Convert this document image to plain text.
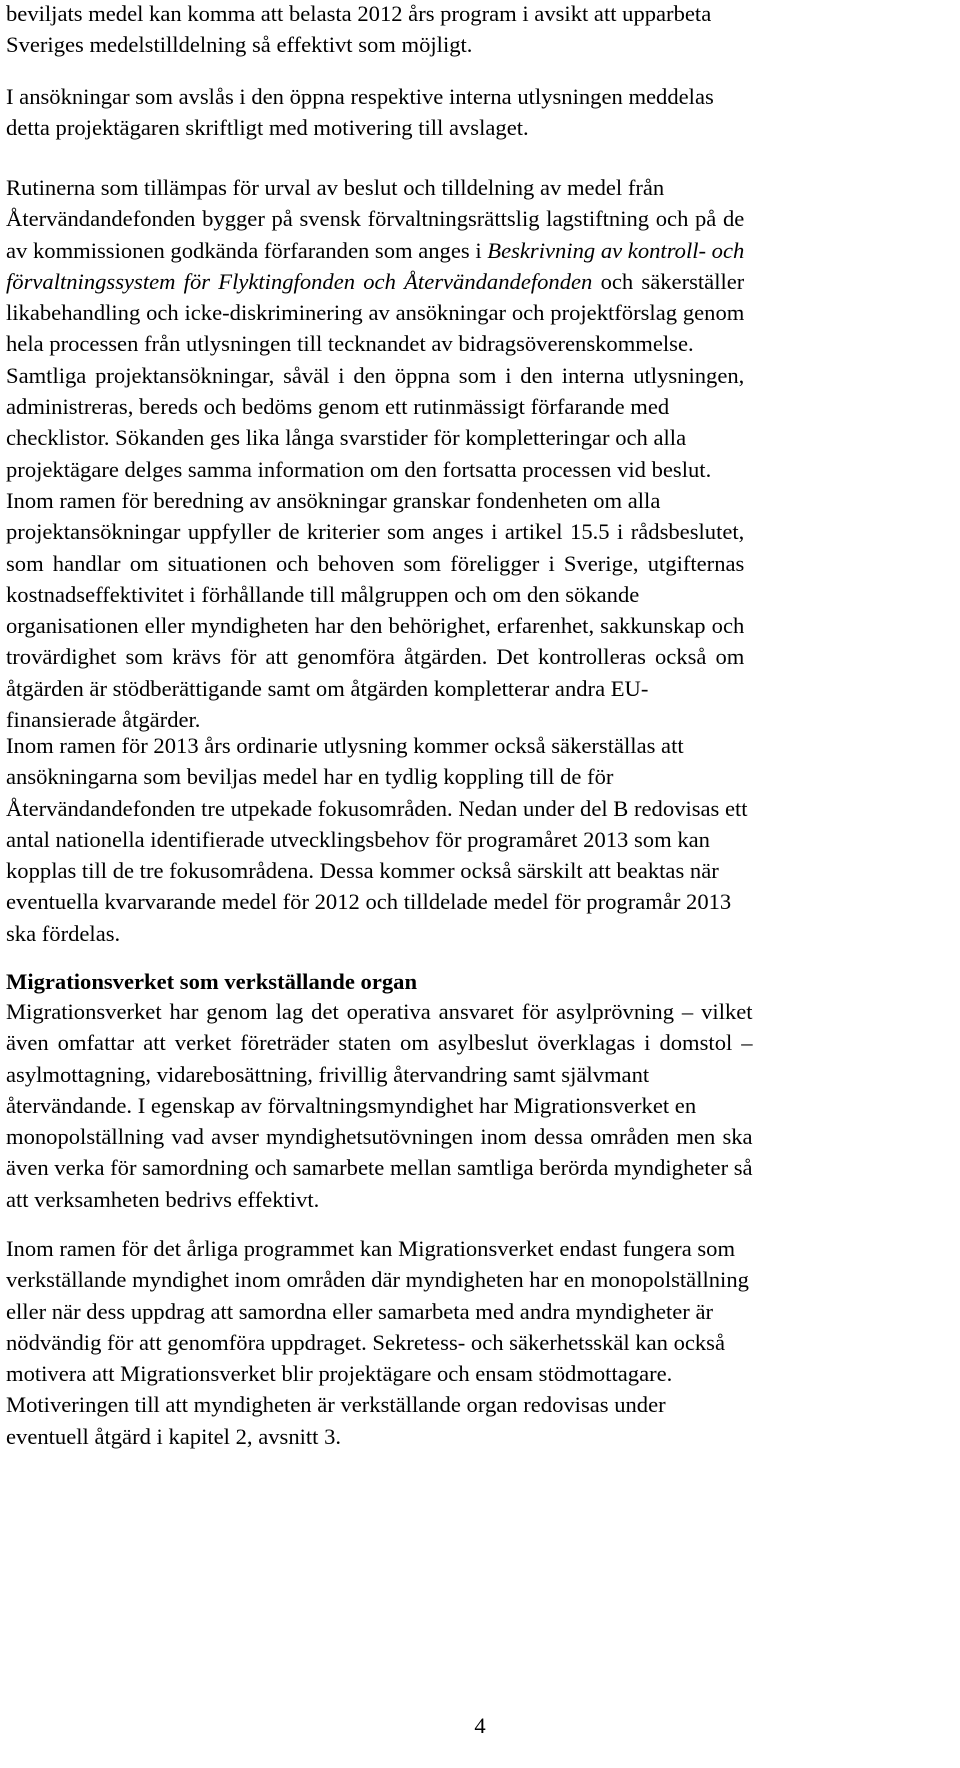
beviljats medel kan komma att belasta 2012 års program i avsikt att upparbeta
Sveriges medelstilldelning så effektivt som möjligt.

I ansökningar som avslås i den öppna respektive interna utlysningen meddelas
detta projektägaren skriftligt med motivering till avslaget.

Rutinerna som tillämpas för urval av beslut och tilldelning av medel från
Återvändandefonden bygger på svensk förvaltningsrättslig lagstiftning och på de
av kommissionen godkända förfaranden som anges i Beskrivning av kontroll- och
förvaltningssystem för Flyktingfonden och Återvändandefonden och säkerställer
likabehandling och icke-diskriminering av ansökningar och projektförslag genom
hela processen från utlysningen till tecknandet av bidragsöverenskommelse.
Samtliga projektansökningar, såväl i den öppna som i den interna utlysningen,
administreras, bereds och bedöms genom ett rutinmässigt förfarande med
checklistor. Sökanden ges lika långa svarstider för kompletteringar och alla
projektägare delges samma information om den fortsatta processen vid beslut.
Inom ramen för beredning av ansökningar granskar fondenheten om alla
projektansökningar uppfyller de kriterier som anges i artikel 15.5 i rådsbeslutet,
som handlar om situationen och behoven som föreligger i Sverige, utgifternas
kostnadseffektivitet i förhållande till målgruppen och om den sökande
organisationen eller myndigheten har den behörighet, erfarenhet, sakkunskap och
trovärdighet som krävs för att genomföra åtgärden. Det kontrolleras också om
åtgärden är stödberättigande samt om åtgärden kompletterar andra EU-
finansierade åtgärder.

Inom ramen för 2013 års ordinarie utlysning kommer också säkerställas att
ansökningarna som beviljas medel har en tydlig koppling till de för
Återvändandefonden tre utpekade fokusområden. Nedan under del B redovisas ett
antal nationella identifierade utvecklingsbehov för programåret 2013 som kan
kopplas till de tre fokusområdena. Dessa kommer också särskilt att beaktas när
eventuella kvarvarande medel för 2012 och tilldelade medel för programår 2013
ska fördelas.

Migrationsverket som verkställande organ

Migrationsverket har genom lag det operativa ansvaret för asylprövning – vilket
även omfattar att verket företräder staten om asylbeslut överklagas i domstol –
asylmottagning, vidarebosättning, frivillig återvandring samt självmant
återvändande. I egenskap av förvaltningsmyndighet har Migrationsverket en
monopolställning vad avser myndighetsutövningen inom dessa områden men ska
även verka för samordning och samarbete mellan samtliga berörda myndigheter så
att verksamheten bedrivs effektivt.

Inom ramen för det årliga programmet kan Migrationsverket endast fungera som
verkställande myndighet inom områden där myndigheten har en monopolställning
eller när dess uppdrag att samordna eller samarbeta med andra myndigheter är
nödvändig för att genomföra uppdraget. Sekretess- och säkerhetsskäl kan också
motivera att Migrationsverket blir projektägare och ensam stödmottagare.
Motiveringen till att myndigheten är verkställande organ redovisas under
eventuell åtgärd i kapitel 2, avsnitt 3.

4
